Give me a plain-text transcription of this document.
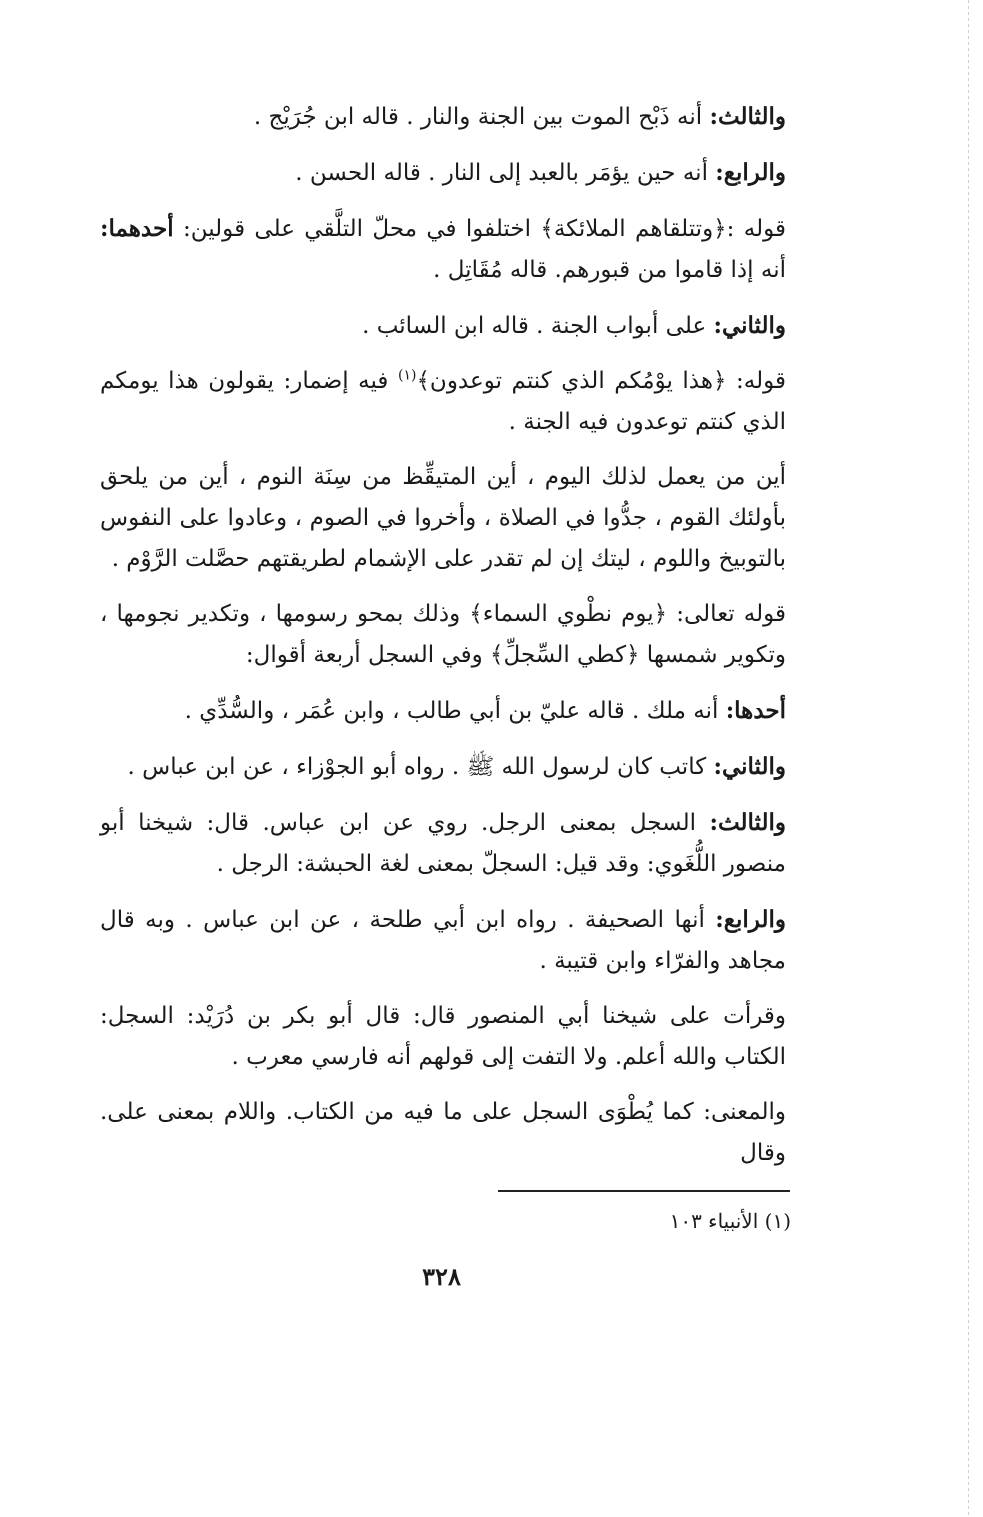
والثالث: أنه ذَبْح الموت بين الجنة والنار . قاله ابن جُرَيْج .

والرابع: أنه حين يؤمَر بالعبد إلى النار . قاله الحسن .

قوله :﴿وتتلقاهم الملائكة﴾ اختلفوا في محلّ التلَّقي على قولين: أحدهما: أنه إذا قاموا من قبورهم. قاله مُقَاتِل .

والثاني: على أبواب الجنة . قاله ابن السائب .

قوله: ﴿هذا يوْمُكم الذي كنتم توعدون﴾$^{(١)}$ فيه إضمار: يقولون هذا يومكم الذي كنتم توعدون فيه الجنة .

أين من يعمل لذلك اليوم ، أين المتيقِّظ من سِنَة النوم ، أين من يلحق بأولئك القوم ، جدُّوا في الصلاة ، وأخروا في الصوم ، وعادوا على النفوس بالتوبيخ واللوم ، ليتك إن لم تقدر على الإشمام لطريقتهم حصَّلت الرَّوْم .

قوله تعالى: ﴿يوم نطْوي السماء﴾ وذلك بمحو رسومها ، وتكدير نجومها ، وتكوير شمسها ﴿كطي السِّجلِّ﴾ وفي السجل أربعة أقوال:

أحدها: أنه ملك . قاله عليّ بن أبي طالب ، وابن عُمَر ، والسُّدِّي .

والثاني: كاتب كان لرسول الله ﷺ . رواه أبو الجوْزاء ، عن ابن عباس .

والثالث: السجل بمعنى الرجل. روي عن ابن عباس. قال: شيخنا أبو منصور اللُّغَوي: وقد قيل: السجلّ بمعنى لغة الحبشة: الرجل .

والرابع: أنها الصحيفة . رواه ابن أبي طلحة ، عن ابن عباس . وبه قال مجاهد والفرّاء وابن قتيبة .

وقرأت على شيخنا أبي المنصور قال: قال أبو بكر بن دُرَيْد: السجل: الكتاب والله أعلم. ولا التفت إلى قولهم أنه فارسي معرب .

والمعنى: كما يُطْوَى السجل على ما فيه من الكتاب. واللام بمعنى على. وقال

(١) الأنبياء ١٠٣
٣٢٨
